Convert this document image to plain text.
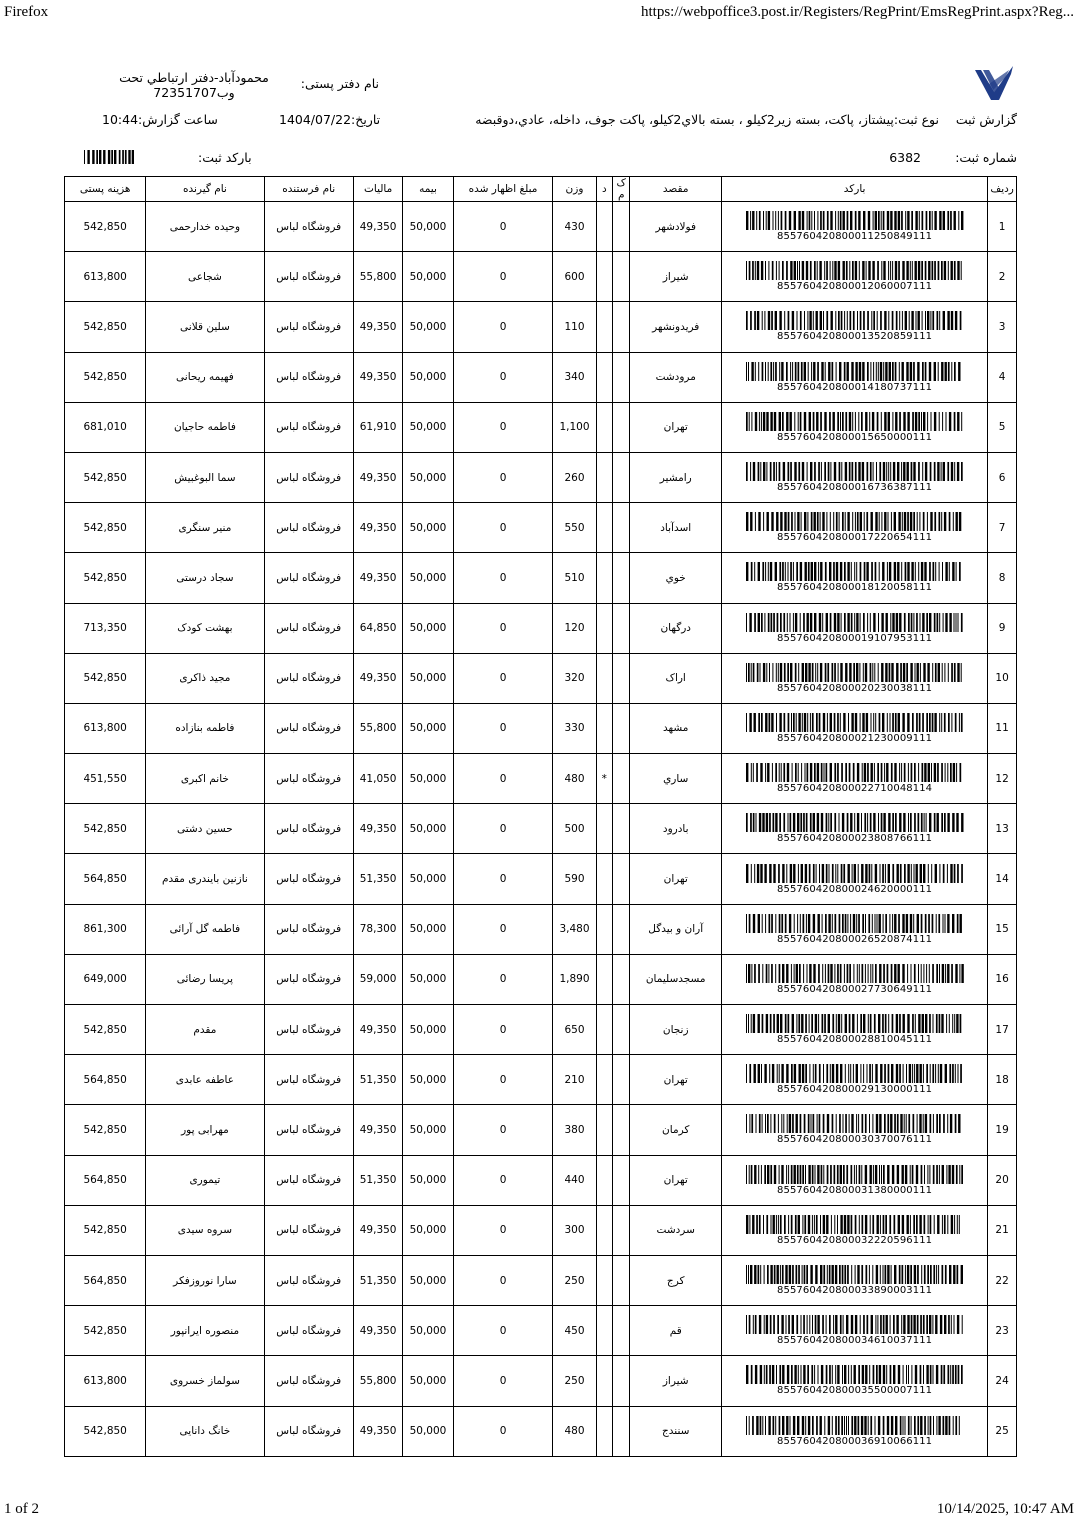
Firefox	https://webpoffice3.post.ir/Registers/RegPrint/EmsRegPrint.aspx?Reg...
نام دفتر پستی:
محمودآباد-دفتر ارتباطي تحت وب72351707
گزارش ثبت
نوع ثبت:پيشتاز، پاکت، بسته زير2کيلو ، بسته بالاي2کيلو، پاکت جوف، داخله، عادي،دوقبضه
تاريخ:1404/07/22
ساعت گزارش:10:44
شماره ثبت:
6382
بارکد ثبت:
رديف	بارکد	مقصد	ک م	د	وزن	مبلغ اظهار شده	بيمه	ماليات	نام فرستنده	نام گيرنده	هزينه پستی
1	855760420800011250849111	فولادشهر			430	0	50,000	49,350	فروشگاه لباس	وحيده خدارحمی	542,850
2	855760420800012060007111	شيراز			600	0	50,000	55,800	فروشگاه لباس	شجاعی	613,800
3	855760420800013520859111	فريدونشهر			110	0	50,000	49,350	فروشگاه لباس	سلين قلانی	542,850
4	855760420800014180737111	مرودشت			340	0	50,000	49,350	فروشگاه لباس	فهيمه ريحانی	542,850
5	855760420800015650000111	تهران			1,100	0	50,000	61,910	فروشگاه لباس	فاطمه حاجيان	681,010
6	855760420800016736387111	رامشير			260	0	50,000	49,350	فروشگاه لباس	سما البوغبيش	542,850
7	855760420800017220654111	اسدآباد			550	0	50,000	49,350	فروشگاه لباس	منير سنگری	542,850
8	855760420800018120058111	خوي			510	0	50,000	49,350	فروشگاه لباس	سجاد درستی	542,850
9	855760420800019107953111	درگهان			120	0	50,000	64,850	فروشگاه لباس	بهشت کودک	713,350
10	855760420800020230038111	اراک			320	0	50,000	49,350	فروشگاه لباس	مجيد ذاکری	542,850
11	855760420800021230009111	مشهد			330	0	50,000	55,800	فروشگاه لباس	فاطمه بنازاده	613,800
12	855760420800022710048114	ساري		*	480	0	50,000	41,050	فروشگاه لباس	خانم اکبری	451,550
13	855760420800023808766111	بادرود			500	0	50,000	49,350	فروشگاه لباس	حسين دشتی	542,850
14	855760420800024620000111	تهران			590	0	50,000	51,350	فروشگاه لباس	نازنين بايندری مقدم	564,850
15	855760420800026520874111	آران و بيدگل			3,480	0	50,000	78,300	فروشگاه لباس	فاطمه گل آرائی	861,300
16	855760420800027730649111	مسجدسليمان			1,890	0	50,000	59,000	فروشگاه لباس	پريسا رضائی	649,000
17	855760420800028810045111	زنجان			650	0	50,000	49,350	فروشگاه لباس	مقدم	542,850
18	855760420800029130000111	تهران			210	0	50,000	51,350	فروشگاه لباس	عاطفه عابدی	564,850
19	855760420800030370076111	کرمان			380	0	50,000	49,350	فروشگاه لباس	مهرابی پور	542,850
20	855760420800031380000111	تهران			440	0	50,000	51,350	فروشگاه لباس	تيموری	564,850
21	855760420800032220596111	سردشت			300	0	50,000	49,350	فروشگاه لباس	سروه سيدی	542,850
22	855760420800033890003111	کرج			250	0	50,000	51,350	فروشگاه لباس	سارا نوروزفکر	564,850
23	855760420800034610037111	قم			450	0	50,000	49,350	فروشگاه لباس	منصوره ايرانپور	542,850
24	855760420800035500007111	شيراز			250	0	50,000	55,800	فروشگاه لباس	سولماز خسروی	613,800
25	855760420800036910066111	سنندج			480	0	50,000	49,350	فروشگاه لباس	خانگ دانایی	542,850
1 of 2	10/14/2025, 10:47 AM
